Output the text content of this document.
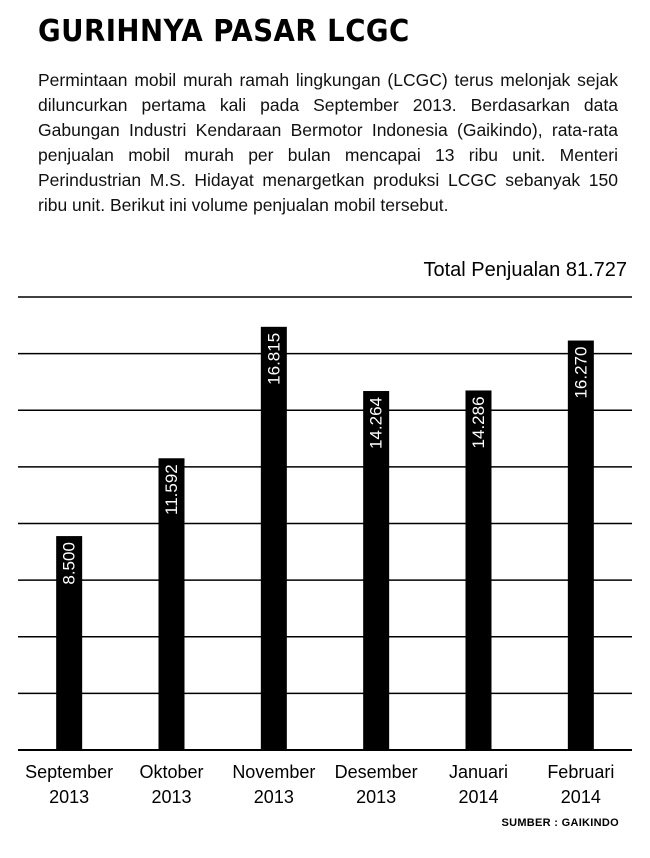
GURIHNYA PASAR LCGC
Permintaan mobil murah ramah lingkungan (LCGC) terus melonjak sejak diluncurkan pertama kali pada September 2013. Berdasarkan data Gabungan Industri Kendaraan Bermotor Indonesia (Gaikindo), rata-rata penjualan mobil murah per bulan mencapai 13 ribu unit. Menteri Perindustrian M.S. Hidayat menargetkan produksi LCGC sebanyak 150 ribu unit. Berikut ini volume penjualan mobil tersebut.
Total Penjualan 81.727
8.500
11.592
16.815
14.264	14.286
16.270
September
2013
Oktober
2013
November
2013
Desember
2013
Januari
2014
Februari
2014
SUMBER : GAIKINDO
